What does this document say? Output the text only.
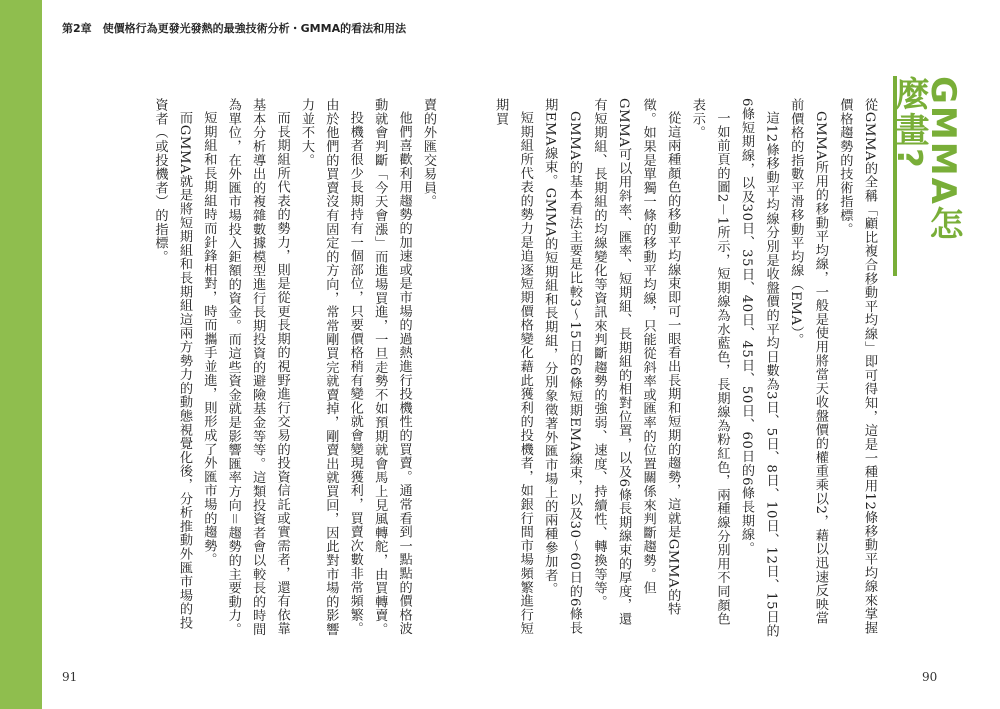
第2章　使價格行為更發光發熱的最強技術分析・GMMA的看法和用法
GMMA怎麼畫?

從GMMA的全稱「顧比複合移動平均線」即可得知，這是一種用12條移動平均線來掌握價格趨勢的技術指標。

GMMA所用的移動平均線，一般是使用將當天收盤價的權重乘以2，藉以迅速反映當前價格的指數平滑移動平均線（EMA）。

這12條移動平均線分別是收盤價的平均日數為3日、5日、8日、10日、12日、15日的6條短期線，以及30日、35日、40日、45日、50日、60日的6條長期線。

一如前頁的圖2－1所示，短期線為水藍色，長期線為粉紅色，兩種線分別用不同顏色表示。

從這兩種顏色的移動平均線束即可一眼看出長期和短期的趨勢，這就是GMMA的特徵。如果是單獨一條的移動平均線，只能從斜率或匯率的位置關係來判斷趨勢。但GMMA可以用斜率、匯率、短期組、長期組的相對位置，以及6條長期線束的厚度，還有短期組、長期組的均線變化等資訊來判斷趨勢的強弱、速度、持續性、轉換等等。

GMMA的基本看法主要是比較3～15日的6條短期EMA線束，以及30～60日的6條長期EMA線束。GMMA的短期組和長期組，分別象徵著外匯市場上的兩種參加者。

短期組所代表的勢力是追逐短期價格變化藉此獲利的投機者，如銀行間市場頻繁進行短期買

賣的外匯交易員。

他們喜歡利用趨勢的加速或是市場的過熱進行投機性的買賣。通常看到一點點的價格波動就會判斷「今天會漲」而進場買進，一旦走勢不如預期就會馬上見風轉舵，由買轉賣。

投機者很少長期持有一個部位，只要價格稍有變化就會變現獲利，買賣次數非常頻繁。由於他們的買賣沒有固定的方向，常常剛買完就賣掉，剛賣出就買回，因此對市場的影響力並不大。

而長期組所代表的勢力，則是從更長期的視野進行交易的投資信託或實需者，還有依靠基本分析導出的複雜數據模型進行長期投資的避險基金等等。這類投資者會以較長的時間為單位，在外匯市場投入鉅額的資金。而這些資金就是影響匯率方向＝趨勢的主要動力。

短期組和長期組時而針鋒相對，時而攜手並進，則形成了外匯市場的趨勢。

而GMMA就是將短期組和長期組這兩方勢力的動態視覺化後，分析推動外匯市場的投資者（或投機者）的指標。

91	90
